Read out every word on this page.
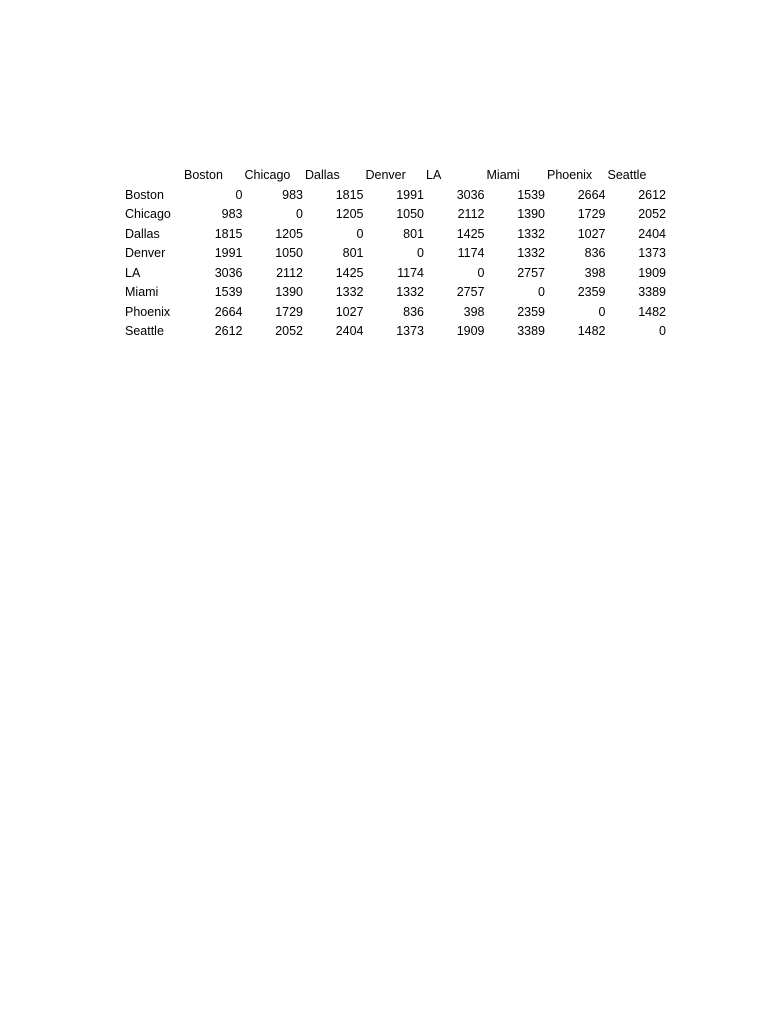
	Boston	Chicago	Dallas	Denver	LA	Miami	Phoenix	Seattle
Boston	0	983	1815	1991	3036	1539	2664	2612
Chicago	983	0	1205	1050	2112	1390	1729	2052
Dallas	1815	1205	0	801	1425	1332	1027	2404
Denver	1991	1050	801	0	1174	1332	836	1373
LA	3036	2112	1425	1174	0	2757	398	1909
Miami	1539	1390	1332	1332	2757	0	2359	3389
Phoenix	2664	1729	1027	836	398	2359	0	1482
Seattle	2612	2052	2404	1373	1909	3389	1482	0
